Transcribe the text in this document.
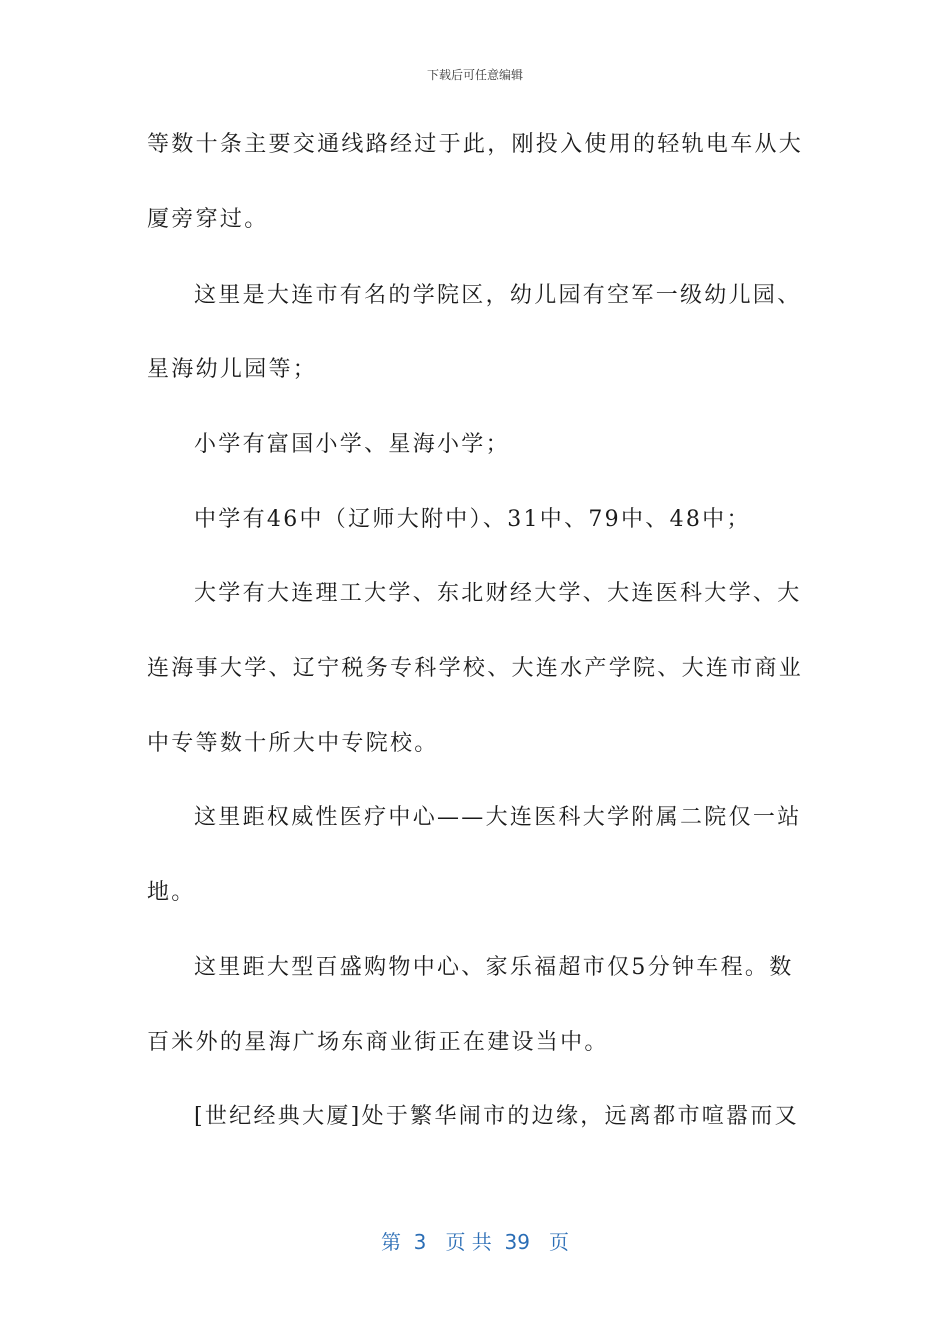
下载后可任意编辑
等数十条主要交通线路经过于此，刚投入使用的轻轨电车从大
厦旁穿过。
这里是大连市有名的学院区，幼儿园有空军一级幼儿园、
星海幼儿园等；
小学有富国小学、星海小学；
中学有46中（辽师大附中）、31中、79中、48中；
大学有大连理工大学、东北财经大学、大连医科大学、大
连海事大学、辽宁税务专科学校、大连水产学院、大连市商业
中专等数十所大中专院校。
这里距权威性医疗中心——大连医科大学附属二院仅一站
地。
这里距大型百盛购物中心、家乐福超市仅5分钟车程。数
百米外的星海广场东商业街正在建设当中。
[世纪经典大厦]处于繁华闹市的边缘，远离都市喧嚣而又
第  3   页 共  39   页
